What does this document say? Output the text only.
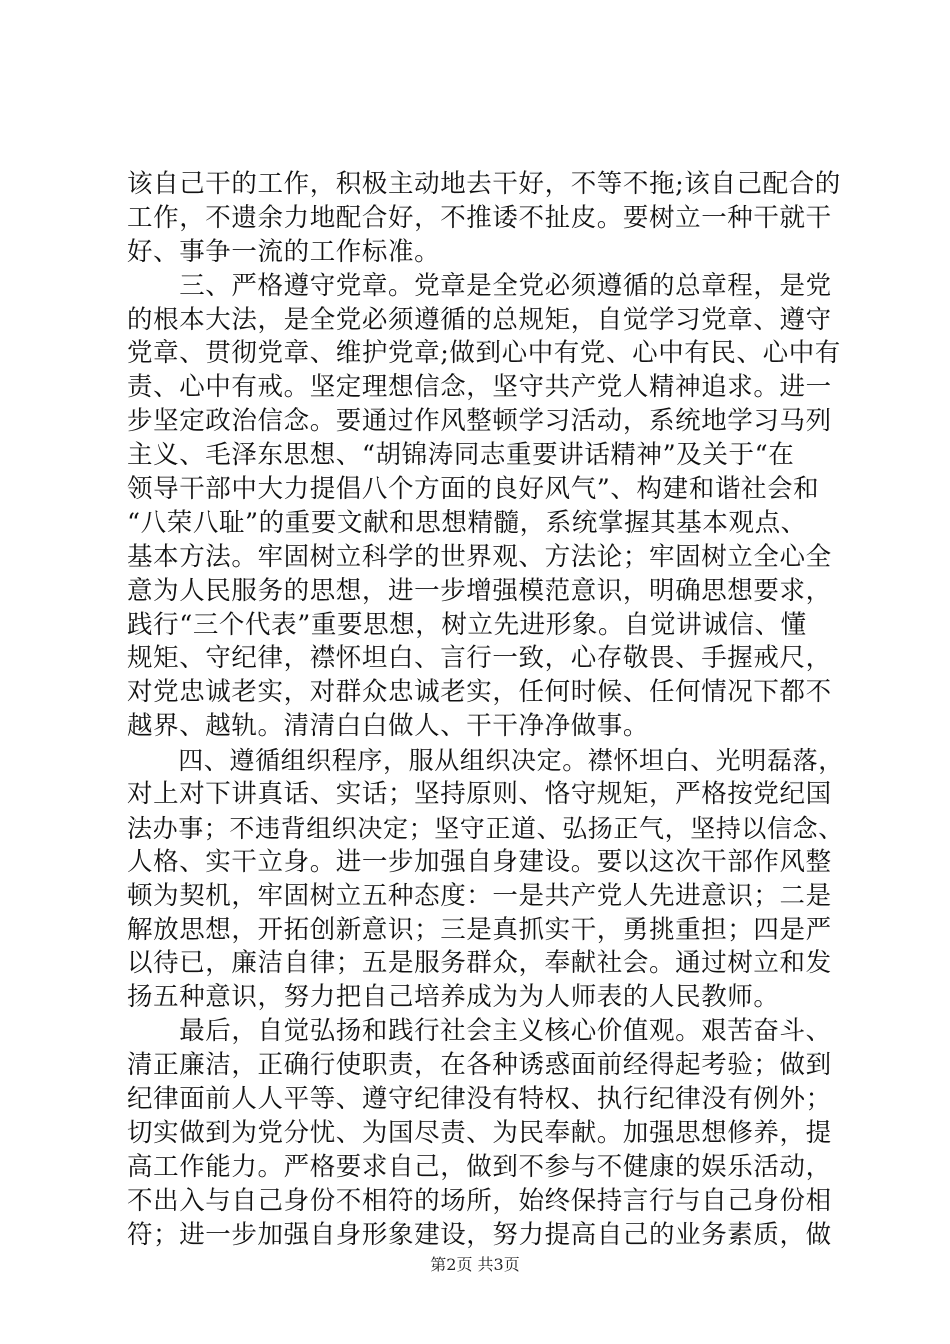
该自己干的工作，积极主动地去干好，不等不拖;该自己配合的
工作，不遗余力地配合好，不推诿不扯皮。要树立一种干就干
好、事争一流的工作标准。
　　三、严格遵守党章。党章是全党必须遵循的总章程，是党
的根本大法，是全党必须遵循的总规矩，自觉学习党章、遵守
党章、贯彻党章、维护党章;做到心中有党、心中有民、心中有
责、心中有戒。坚定理想信念，坚守共产党人精神追求。进一
步坚定政治信念。要通过作风整顿学习活动，系统地学习马列
主义、毛泽东思想、“胡锦涛同志重要讲话精神”及关于“在
领导干部中大力提倡八个方面的良好风气”、构建和谐社会和
“八荣八耻”的重要文献和思想精髓，系统掌握其基本观点、
基本方法。牢固树立科学的世界观、方法论；牢固树立全心全
意为人民服务的思想，进一步增强模范意识，明确思想要求，
践行“三个代表”重要思想，树立先进形象。自觉讲诚信、懂
规矩、守纪律，襟怀坦白、言行一致，心存敬畏、手握戒尺，
对党忠诚老实，对群众忠诚老实，任何时候、任何情况下都不
越界、越轨。清清白白做人、干干净净做事。
　　四、遵循组织程序，服从组织决定。襟怀坦白、光明磊落，
对上对下讲真话、实话；坚持原则、恪守规矩，严格按党纪国
法办事；不违背组织决定；坚守正道、弘扬正气，坚持以信念、
人格、实干立身。进一步加强自身建设。要以这次干部作风整
顿为契机，牢固树立五种态度：一是共产党人先进意识；二是
解放思想，开拓创新意识；三是真抓实干，勇挑重担；四是严
以待已，廉洁自律；五是服务群众，奉献社会。通过树立和发
扬五种意识，努力把自己培养成为为人师表的人民教师。
　　最后，自觉弘扬和践行社会主义核心价值观。艰苦奋斗、
清正廉洁，正确行使职责，在各种诱惑面前经得起考验；做到
纪律面前人人平等、遵守纪律没有特权、执行纪律没有例外；
切实做到为党分忧、为国尽责、为民奉献。加强思想修养，提
高工作能力。严格要求自己，做到不参与不健康的娱乐活动，
不出入与自己身份不相符的场所，始终保持言行与自己身份相
符；进一步加强自身形象建设，努力提高自己的业务素质，做
第2页 共3页
